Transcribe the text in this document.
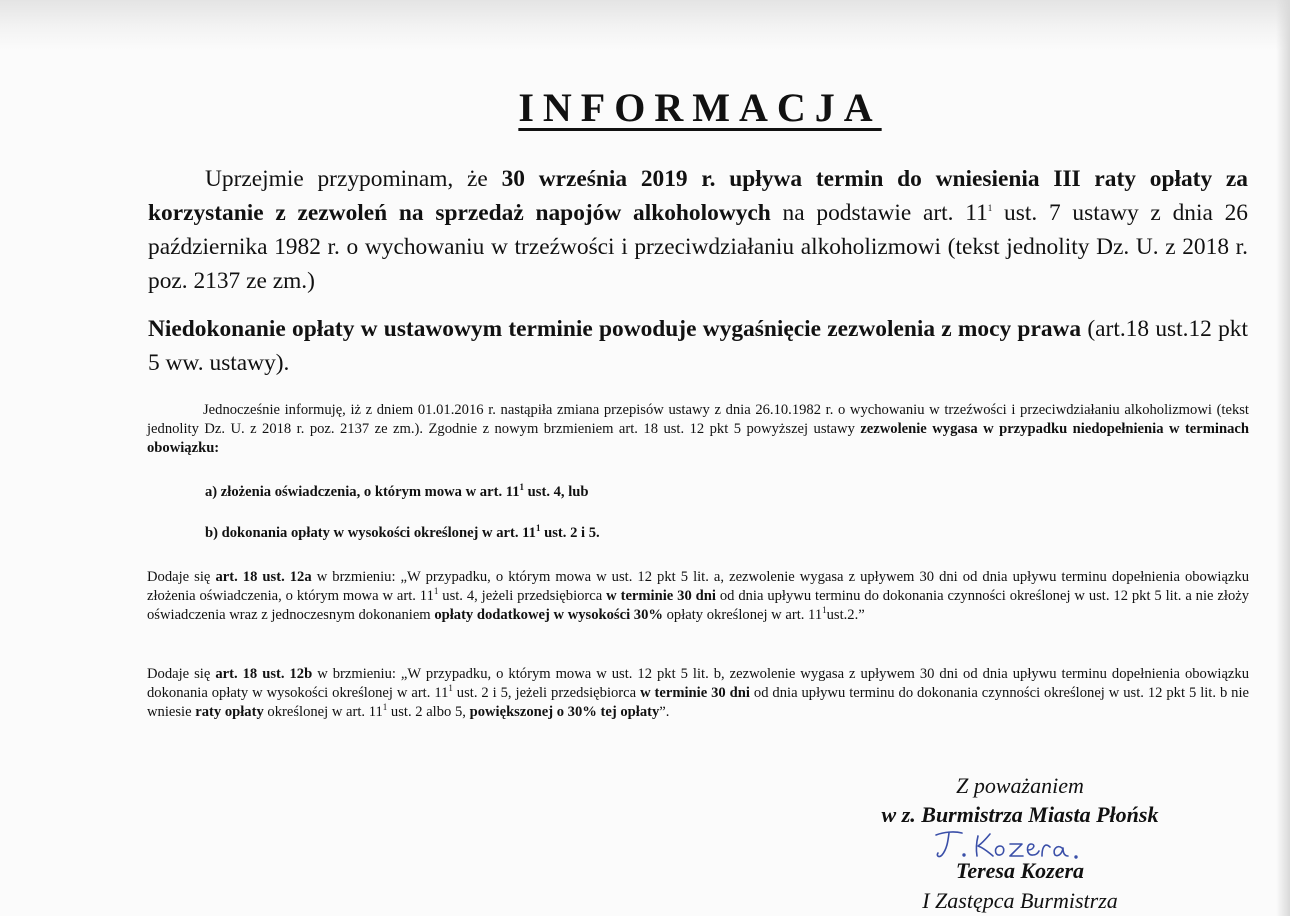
INFORMACJA

Uprzejmie przypominam, że 30 września 2019 r. upływa termin do wniesienia III raty opłaty za korzystanie z zezwoleń na sprzedaż napojów alkoholowych na podstawie art. $11^1$ ust. 7 ustawy z dnia 26 października 1982 r. o wychowaniu w trzeźwości i przeciwdziałaniu alkoholizmowi (tekst jednolity Dz. U. z 2018 r. poz. 2137 ze zm.)

Niedokonanie opłaty w ustawowym terminie powoduje wygaśnięcie zezwolenia z mocy prawa (art.18 ust.12 pkt 5 ww. ustawy).

Jednocześnie informuję, iż z dniem 01.01.2016 r. nastąpiła zmiana przepisów ustawy z dnia 26.10.1982 r. o wychowaniu w trzeźwości i przeciwdziałaniu alkoholizmowi (tekst jednolity Dz. U. z 2018 r. poz. 2137 ze zm.). Zgodnie z nowym brzmieniem art. 18 ust. 12 pkt 5 powyższej ustawy zezwolenie wygasa w przypadku niedopełnienia w terminach obowiązku:

a) złożenia oświadczenia, o którym mowa w art. $11^1$ ust. 4, lub

b) dokonania opłaty w wysokości określonej w art. $11^1$ ust. 2 i 5.

Dodaje się art. 18 ust. 12a w brzmieniu: „W przypadku, o którym mowa w ust. 12 pkt 5 lit. a, zezwolenie wygasa z upływem 30 dni od dnia upływu terminu dopełnienia obowiązku złożenia oświadczenia, o którym mowa w art. $11^1$ ust. 4, jeżeli przedsiębiorca w terminie 30 dni od dnia upływu terminu do dokonania czynności określonej w ust. 12 pkt 5 lit. a nie złoży oświadczenia wraz z jednoczesnym dokonaniem opłaty dodatkowej w wysokości 30% opłaty określonej w art. $11^1ust.2$.”

Dodaje się art. 18 ust. 12b w brzmieniu: „W przypadku, o którym mowa w ust. 12 pkt 5 lit. b, zezwolenie wygasa z upływem 30 dni od dnia upływu terminu dopełnienia obowiązku dokonania opłaty w wysokości określonej w art. $11^1$ ust. 2 i 5, jeżeli przedsiębiorca w terminie 30 dni od dnia upływu terminu do dokonania czynności określonej w ust. 12 pkt 5 lit. b nie wniesie raty opłaty określonej w art. $11^1$ ust. 2 albo 5, powiększonej o 30% tej opłaty”.

Z poważaniem
w z. Burmistrza Miasta Płońsk
Teresa Kozera
I Zastępca Burmistrza
